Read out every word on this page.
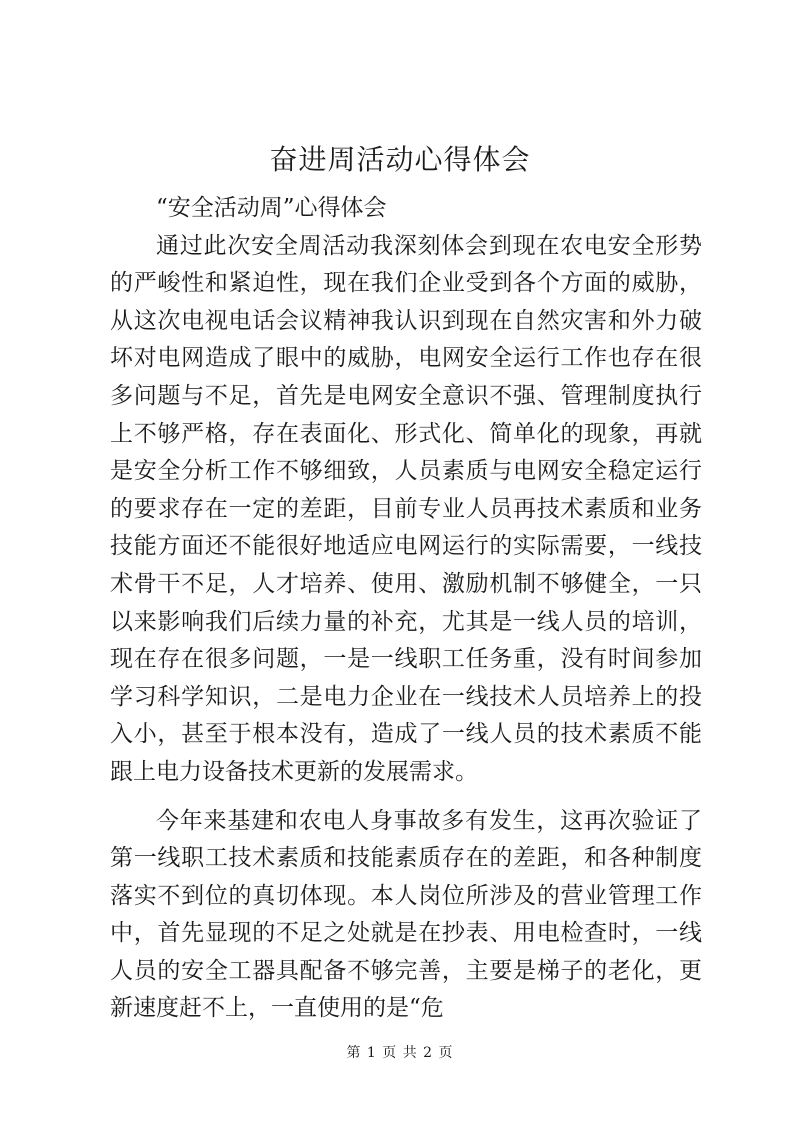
奋进周活动心得体会

“安全活动周”心得体会

通过此次安全周活动我深刻体会到现在农电安全形势的严峻性和紧迫性，现在我们企业受到各个方面的威胁，从这次电视电话会议精神我认识到现在自然灾害和外力破坏对电网造成了眼中的威胁，电网安全运行工作也存在很多问题与不足，首先是电网安全意识不强、管理制度执行上不够严格，存在表面化、形式化、简单化的现象，再就是安全分析工作不够细致，人员素质与电网安全稳定运行的要求存在一定的差距，目前专业人员再技术素质和业务技能方面还不能很好地适应电网运行的实际需要，一线技术骨干不足，人才培养、使用、激励机制不够健全，一只以来影响我们后续力量的补充，尤其是一线人员的培训，现在存在很多问题，一是一线职工任务重，没有时间参加学习科学知识，二是电力企业在一线技术人员培养上的投入小，甚至于根本没有，造成了一线人员的技术素质不能跟上电力设备技术更新的发展需求。

今年来基建和农电人身事故多有发生，这再次验证了第一线职工技术素质和技能素质存在的差距，和各种制度落实不到位的真切体现。本人岗位所涉及的营业管理工作中，首先显现的不足之处就是在抄表、用电检查时，一线人员的安全工器具配备不够完善，主要是梯子的老化，更新速度赶不上，一直使用的是“危

第 1 页 共 2 页
